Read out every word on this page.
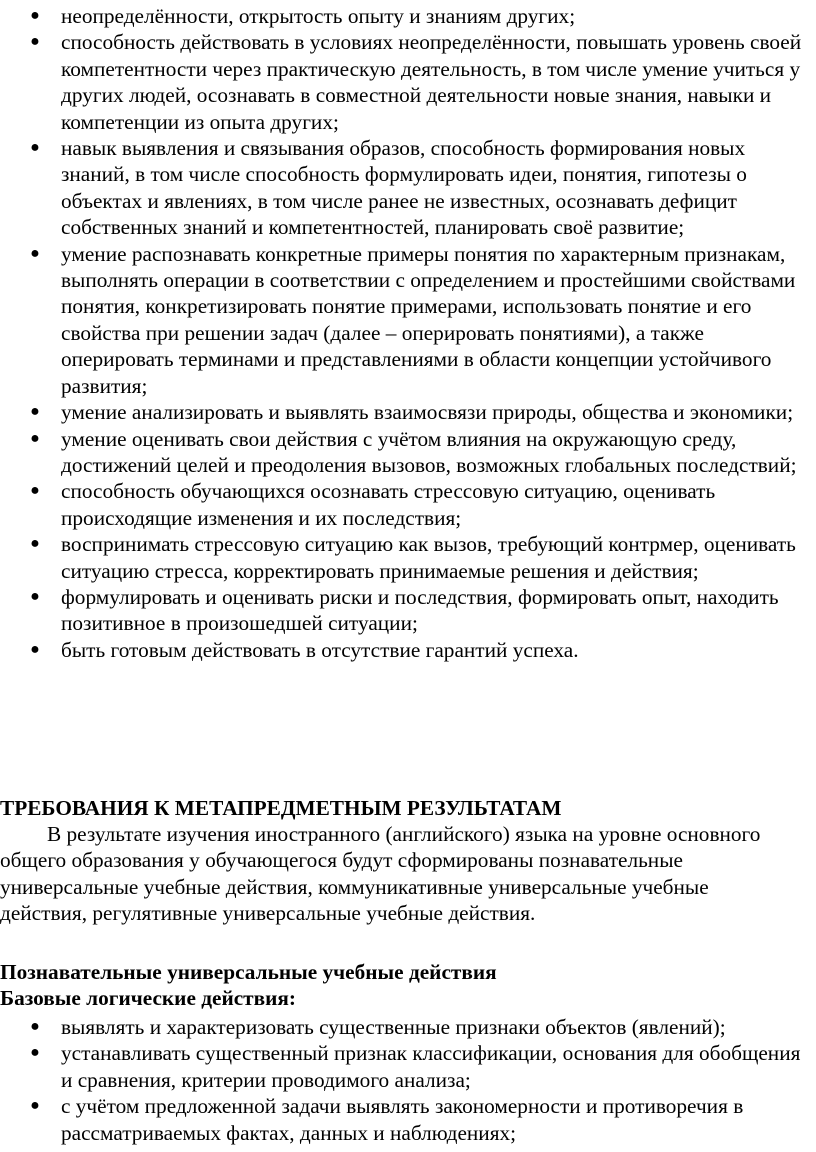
● неопределённости, открытость опыту и знаниям других;
● способность действовать в условиях неопределённости, повышать уровень своей компетентности через практическую деятельность, в том числе умение учиться у других людей, осознавать в совместной деятельности новые знания, навыки и компетенции из опыта других;
● навык выявления и связывания образов, способность формирования новых знаний, в том числе способность формулировать идеи, понятия, гипотезы о объектах и явлениях, в том числе ранее не известных, осознавать дефицит собственных знаний и компетентностей, планировать своё развитие;
● умение распознавать конкретные примеры понятия по характерным признакам, выполнять операции в соответствии с определением и простейшими свойствами понятия, конкретизировать понятие примерами, использовать понятие и его свойства при решении задач (далее – оперировать понятиями), а также оперировать терминами и представлениями в области концепции устойчивого развития;
● умение анализировать и выявлять взаимосвязи природы, общества и экономики;
● умение оценивать свои действия с учётом влияния на окружающую среду, достижений целей и преодоления вызовов, возможных глобальных последствий;
● способность обучающихся осознавать стрессовую ситуацию, оценивать происходящие изменения и их последствия;
● воспринимать стрессовую ситуацию как вызов, требующий контрмер, оценивать ситуацию стресса, корректировать принимаемые решения и действия;
● формулировать и оценивать риски и последствия, формировать опыт, находить позитивное в произошедшей ситуации;
● быть готовым действовать в отсутствие гарантий успеха.
ТРЕБОВАНИЯ К МЕТАПРЕДМЕТНЫМ РЕЗУЛЬТАТАМ
В результате изучения иностранного (английского) языка на уровне основного общего образования у обучающегося будут сформированы познавательные универсальные учебные действия, коммуникативные универсальные учебные действия, регулятивные универсальные учебные действия.
Познавательные универсальные учебные действия
Базовые логические действия:
● выявлять и характеризовать существенные признаки объектов (явлений);
● устанавливать существенный признак классификации, основания для обобщения и сравнения, критерии проводимого анализа;
● с учётом предложенной задачи выявлять закономерности и противоречия в рассматриваемых фактах, данных и наблюдениях;
